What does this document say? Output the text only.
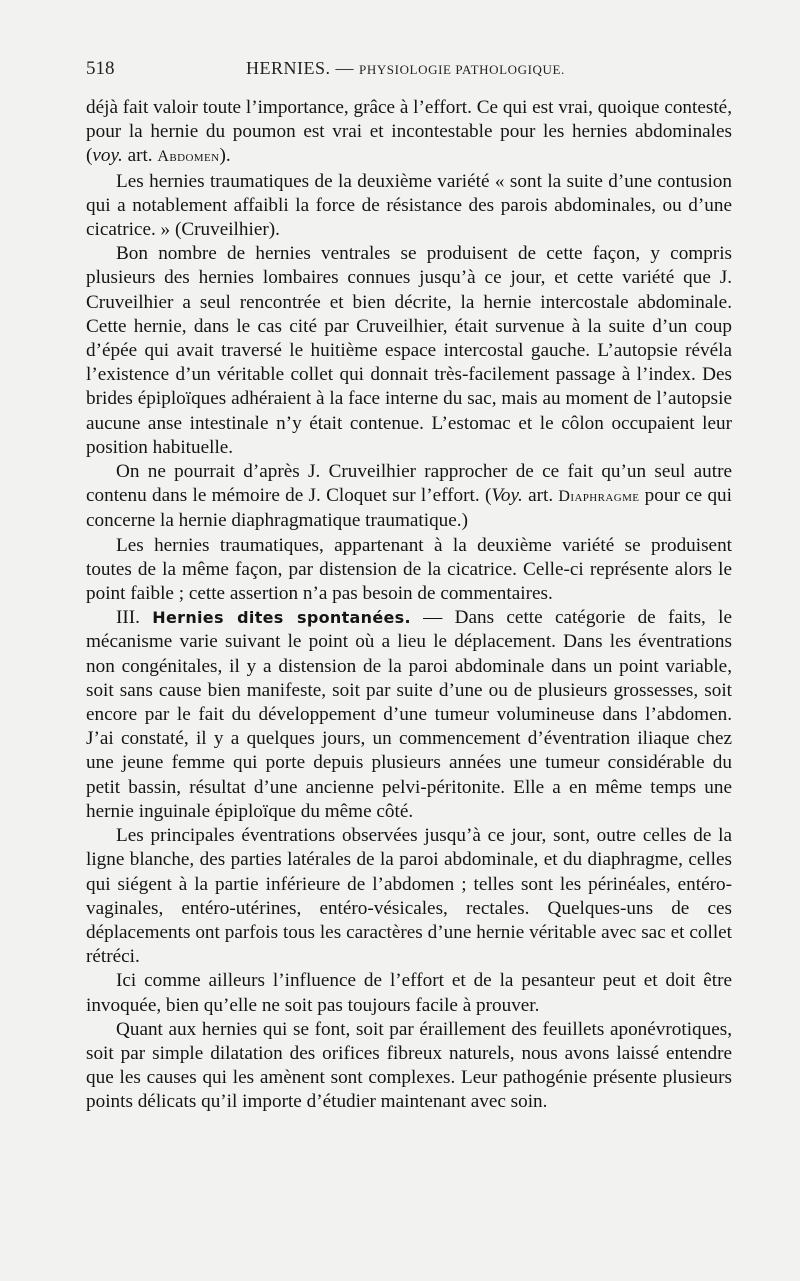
518	HERNIES. — PHYSIOLOGIE PATHOLOGIQUE.

déjà fait valoir toute l’importance, grâce à l’effort. Ce qui est vrai, quoique contesté, pour la hernie du poumon est vrai et incontestable pour les hernies abdominales (voy. art. Abdomen).

Les hernies traumatiques de la deuxième variété « sont la suite d’une contusion qui a notablement affaibli la force de résistance des parois abdominales, ou d’une cicatrice. » (Cruveilhier).

Bon nombre de hernies ventrales se produisent de cette façon, y compris plusieurs des hernies lombaires connues jusqu’à ce jour, et cette variété que J. Cruveilhier a seul rencontrée et bien décrite, la hernie intercostale abdominale. Cette hernie, dans le cas cité par Cruveilhier, était survenue à la suite d’un coup d’épée qui avait traversé le huitième espace intercostal gauche. L’autopsie révéla l’existence d’un véritable collet qui donnait très-facilement passage à l’index. Des brides épiploïques adhéraient à la face interne du sac, mais au moment de l’autopsie aucune anse intestinale n’y était contenue. L’estomac et le côlon occupaient leur position habituelle.

On ne pourrait d’après J. Cruveilhier rapprocher de ce fait qu’un seul autre contenu dans le mémoire de J. Cloquet sur l’effort. (Voy. art. Diaphragme pour ce qui concerne la hernie diaphragmatique traumatique.)

Les hernies traumatiques, appartenant à la deuxième variété se produisent toutes de la même façon, par distension de la cicatrice. Celle-ci représente alors le point faible ; cette assertion n’a pas besoin de commentaires.

III. Hernies dites spontanées. — Dans cette catégorie de faits, le mécanisme varie suivant le point où a lieu le déplacement. Dans les éventrations non congénitales, il y a distension de la paroi abdominale dans un point variable, soit sans cause bien manifeste, soit par suite d’une ou de plusieurs grossesses, soit encore par le fait du développement d’une tumeur volumineuse dans l’abdomen. J’ai constaté, il y a quelques jours, un commencement d’éventration iliaque chez une jeune femme qui porte depuis plusieurs années une tumeur considérable du petit bassin, résultat d’une ancienne pelvi-péritonite. Elle a en même temps une hernie inguinale épiploïque du même côté.

Les principales éventrations observées jusqu’à ce jour, sont, outre celles de la ligne blanche, des parties latérales de la paroi abdominale, et du diaphragme, celles qui siégent à la partie inférieure de l’abdomen ; telles sont les périnéales, entéro-vaginales, entéro-utérines, entéro-vésicales, rectales. Quelques-uns de ces déplacements ont parfois tous les caractères d’une hernie véritable avec sac et collet rétréci.

Ici comme ailleurs l’influence de l’effort et de la pesanteur peut et doit être invoquée, bien qu’elle ne soit pas toujours facile à prouver.

Quant aux hernies qui se font, soit par éraillement des feuillets aponévrotiques, soit par simple dilatation des orifices fibreux naturels, nous avons laissé entendre que les causes qui les amènent sont complexes. Leur pathogénie présente plusieurs points délicats qu’il importe d’étudier maintenant avec soin.
